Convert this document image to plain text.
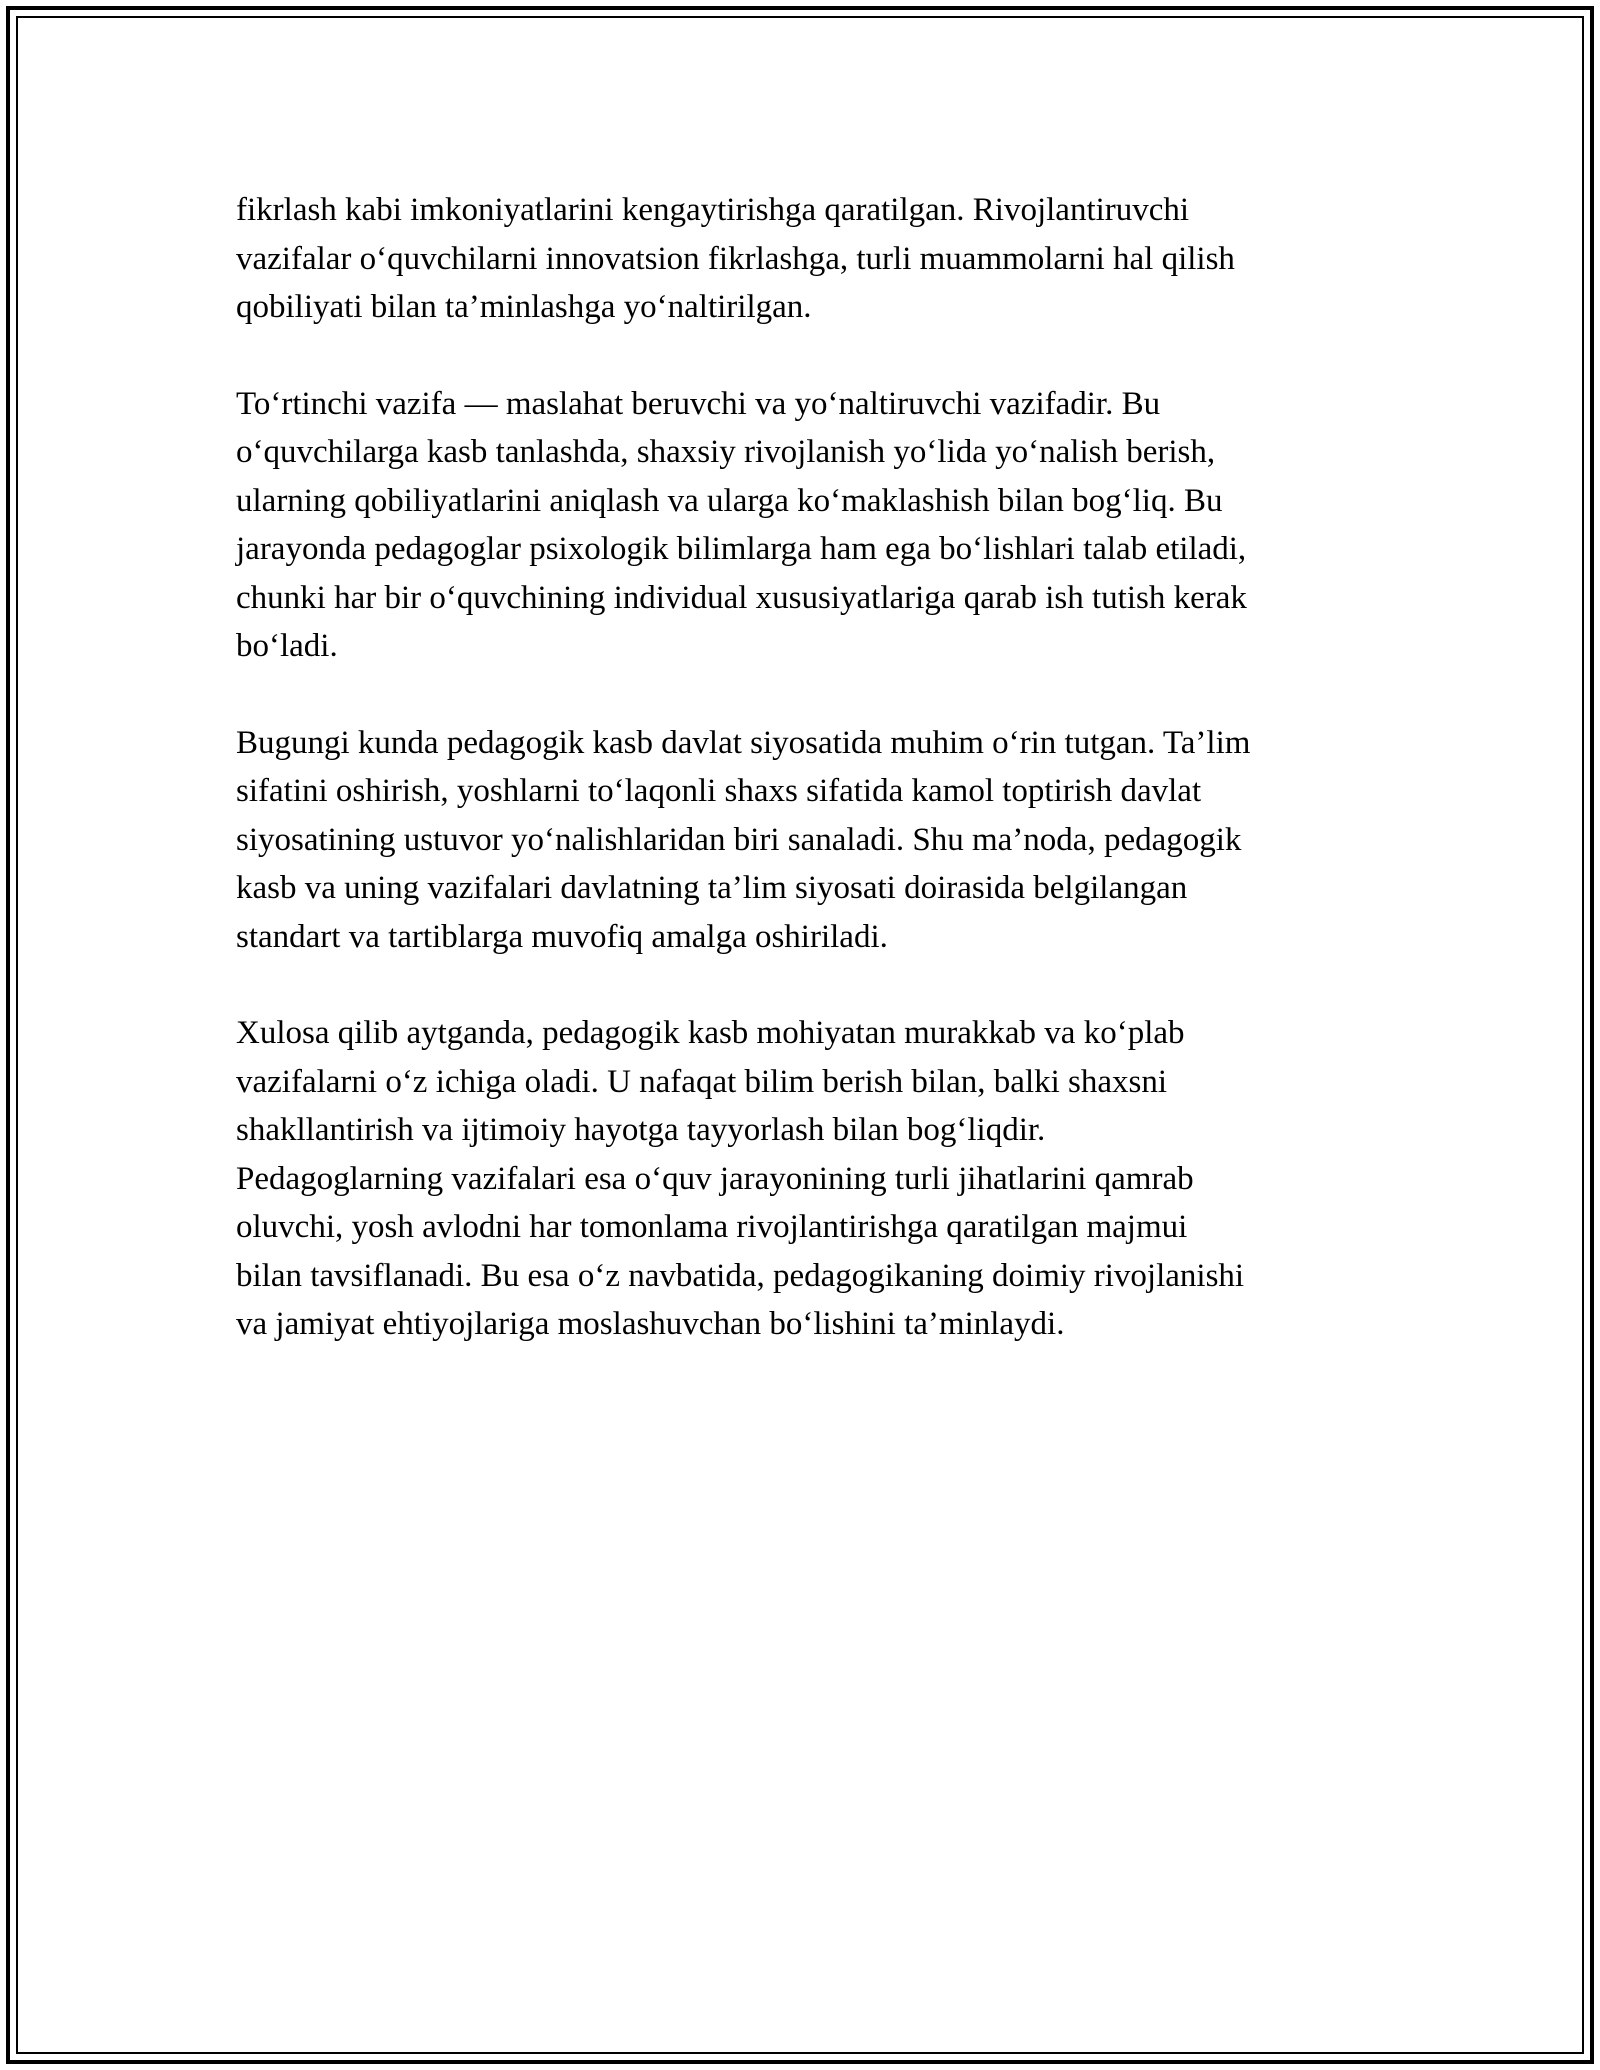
fikrlash kabi imkoniyatlarini kengaytirishga qaratilgan. Rivojlantiruvchi
vazifalar o‘quvchilarni innovatsion fikrlashga, turli muammolarni hal qilish
qobiliyati bilan ta’minlashga yo‘naltirilgan.

To‘rtinchi vazifa — maslahat beruvchi va yo‘naltiruvchi vazifadir. Bu
o‘quvchilarga kasb tanlashda, shaxsiy rivojlanish yo‘lida yo‘nalish berish,
ularning qobiliyatlarini aniqlash va ularga ko‘maklashish bilan bog‘liq. Bu
jarayonda pedagoglar psixologik bilimlarga ham ega bo‘lishlari talab etiladi,
chunki har bir o‘quvchining individual xususiyatlariga qarab ish tutish kerak
bo‘ladi.

Bugungi kunda pedagogik kasb davlat siyosatida muhim o‘rin tutgan. Ta’lim
sifatini oshirish, yoshlarni to‘laqonli shaxs sifatida kamol toptirish davlat
siyosatining ustuvor yo‘nalishlaridan biri sanaladi. Shu ma’noda, pedagogik
kasb va uning vazifalari davlatning ta’lim siyosati doirasida belgilangan
standart va tartiblarga muvofiq amalga oshiriladi.

Xulosa qilib aytganda, pedagogik kasb mohiyatan murakkab va ko‘plab
vazifalarni o‘z ichiga oladi. U nafaqat bilim berish bilan, balki shaxsni
shakllantirish va ijtimoiy hayotga tayyorlash bilan bog‘liqdir.
Pedagoglarning vazifalari esa o‘quv jarayonining turli jihatlarini qamrab
oluvchi, yosh avlodni har tomonlama rivojlantirishga qaratilgan majmui
bilan tavsiflanadi. Bu esa o‘z navbatida, pedagogikaning doimiy rivojlanishi
va jamiyat ehtiyojlariga moslashuvchan bo‘lishini ta’minlaydi.
